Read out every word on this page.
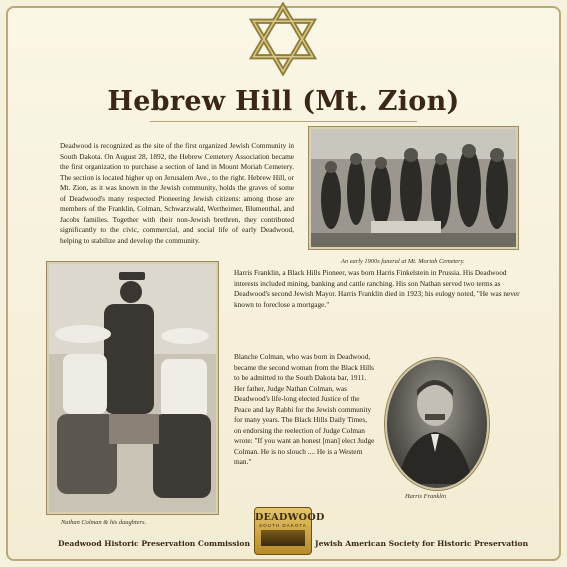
Hebrew Hill (Mt. Zion)
Deadwood is recognized as the site of the first organized Jewish Community in South Dakota. On August 28, 1892, the Hebrew Cemetery Association became the first organization to purchase a section of land in Mount Moriah Cemetery. The section is located higher up on Jerusalem Ave., to the right. Hebrew Hill, or Mt. Zion, as it was known in the Jewish community, holds the graves of some of Deadwood's many respected Pioneering Jewish citizens: among those are members of the Franklin, Colman, Schwarzwald, Wertheimer, Blumenthal, and Jacobs families. Together with their non-Jewish brethren, they contributed significantly to the civic, commercial, and social life of early Deadwood, helping to stabilize and develop the community.
An early 1900s funeral at Mt. Moriah Cemetery.
Nathan Colman & his daughters.
Harris Franklin, a Black Hills Pioneer, was born Harris Finkelstein in Prussia. His Deadwood interests included mining, banking and cattle ranching. His son Nathan served two terms as Deadwood's second Jewish Mayor. Harris Franklin died in 1923; his eulogy noted, "He was never known to foreclose a mortgage."
Blanche Colman, who was born in Deadwood, became the second woman from the Black Hills to be admitted to the South Dakota bar, 1911. Her father, Judge Nathan Colman, was Deadwood's life-long elected Justice of the Peace and lay Rabbi for the Jewish community for many years. The Black Hills Daily Times, on endorsing the reelection of Judge Colman wrote: "If you want an honest [man] elect Judge Colman. He is no slouch .... He is a Western man."
Harris Franklin
Deadwood Historic Preservation Commission
DEADWOOD
SOUTH DAKOTA
Jewish American Society for Historic Preservation
